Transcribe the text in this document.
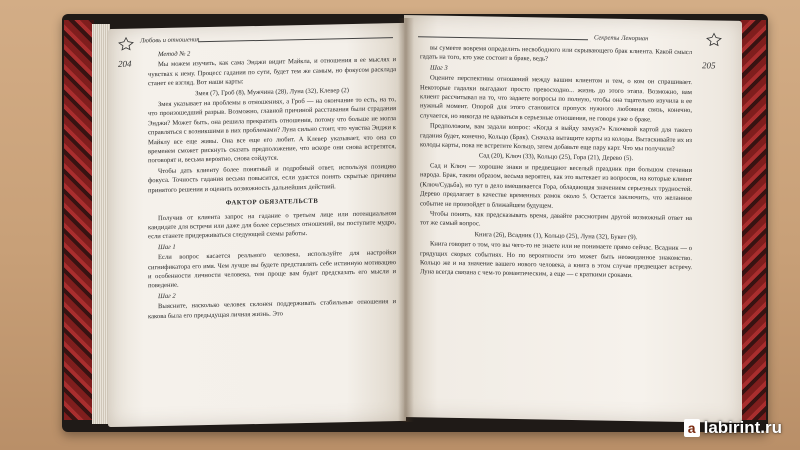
Любовь и отношения
204

Метод № 2

Мы можем изучить, как сама Энджи видит Майкла, и отношения в ее мыслях и чувствах к нему. Процесс гадания по сути, будет тем же самым, но фокусом расклада станет ее взгляд. Вот наши карты:

Змея (7), Гроб (8), Мужчина (28), Луна (32), Клевер (2)

Змея указывает на проблемы в отношениях, а Гроб — на окончание то есть, на то, что произошедший разрыв. Возможно, главной причиной расставания были страдания Энджи? Может быть, она решила прекратить отношения, потому что больше не могла справляться с возникшими в них проблемами? Луна сильно стоит, что чувства Энджи к Майклу все еще живы. Она все еще его любит. А Клевер указывает, что она со временем сможет рискнуть сказать предположение, что вскоре они снова встретятся, поговорят и, весьма вероятно, снова сойдутся.

Чтобы дать клиенту более понятный и подробный ответ, используя позицию фокуса. Точность гадания весьма повысится, если удастся понять скрытые причины принятого решения и оценить возможность дальнейших действий.

ФАКТОР ОБЯЗАТЕЛЬСТВ

Получив от клиента запрос на гадание о третьем лице или потенциальном кандидате для встречи или даже для более серьезных отношений, вы поступите мудро, если станете придерживаться следующей схемы работы.

Шаг 1

Если вопрос касается реального человека, используйте для настройки сигнификатора его имя. Чем лучше вы будете представлять себе истинную мотивацию и особенности личности человека, тем проще вам будет предсказать его мысли и поведение.

Шаг 2

Выясните, насколько человек склонен поддерживать стабильные отношения и какова была его предыдущая личная жизнь. Это

Секреты Ленорман
205

вы сумеете вовремя определить несвободного или скрывающего брак клиента. Какой смысл гадать на того, кто уже состоит в браке, ведь?

Шаг 3

Оцените перспективы отношений между вашим клиентом и тем, о ком он спрашивает. Некоторые гадалки выгадают просто превосходно... жизнь до этого этапа. Возможно, вам клиент рассчитывал на то, что задаете вопросы по полную, чтобы она тщательно изучила в ее нужный момент. Опорой для этого становится пропуск нужного любовная связь, конечно, случается, но никогда не вдаваться в серьезные отношения, не говоря уже о браке.

Предположим, вам задали вопрос: «Когда я выйду замуж?» Ключевой картой для такого гадания будет, конечно, Кольцо (Брак). Сначала вытащите карты из колоды. Вытаскивайте их из колоды карты, пока не встретите Кольцо, затем добавьте еще пару карт. Что мы получили?

Сад (20), Ключ (33), Кольцо (25), Гора (21), Дерево (5).

Сад и Ключ — хорошие знаки и предвещают веселый праздник при большом стечении народа. Брак, таким образом, весьма вероятен, как это вытекает из вопросов, на которые клиент (Ключ/Судьба), но тут в дело вмешивается Гора, обладающая значением серьезных трудностей. Дерево предлагает в качестве временных рамок около 5. Остается заключить, что желанное событие не произойдет в ближайшем будущем.

Чтобы понять, как предсказывать время, давайте рассмотрим другой возможный ответ на тот же самый вопрос.

Книга (26), Всадник (1), Кольцо (25), Луна (32), Букет (9).

Книга говорит о том, что вы чего-то не знаете или не понимаете прямо сейчас. Всадник — о грядущих скорых событиях. Но по вероятности это может быть неожиданное знакомство. Кольцо же и на значение вашего нового человека, а книга в этом случае предвещает встречу. Луна всегда связана с чем-то романтическим, а еще — с краткими сроками.

a labirint.ru
